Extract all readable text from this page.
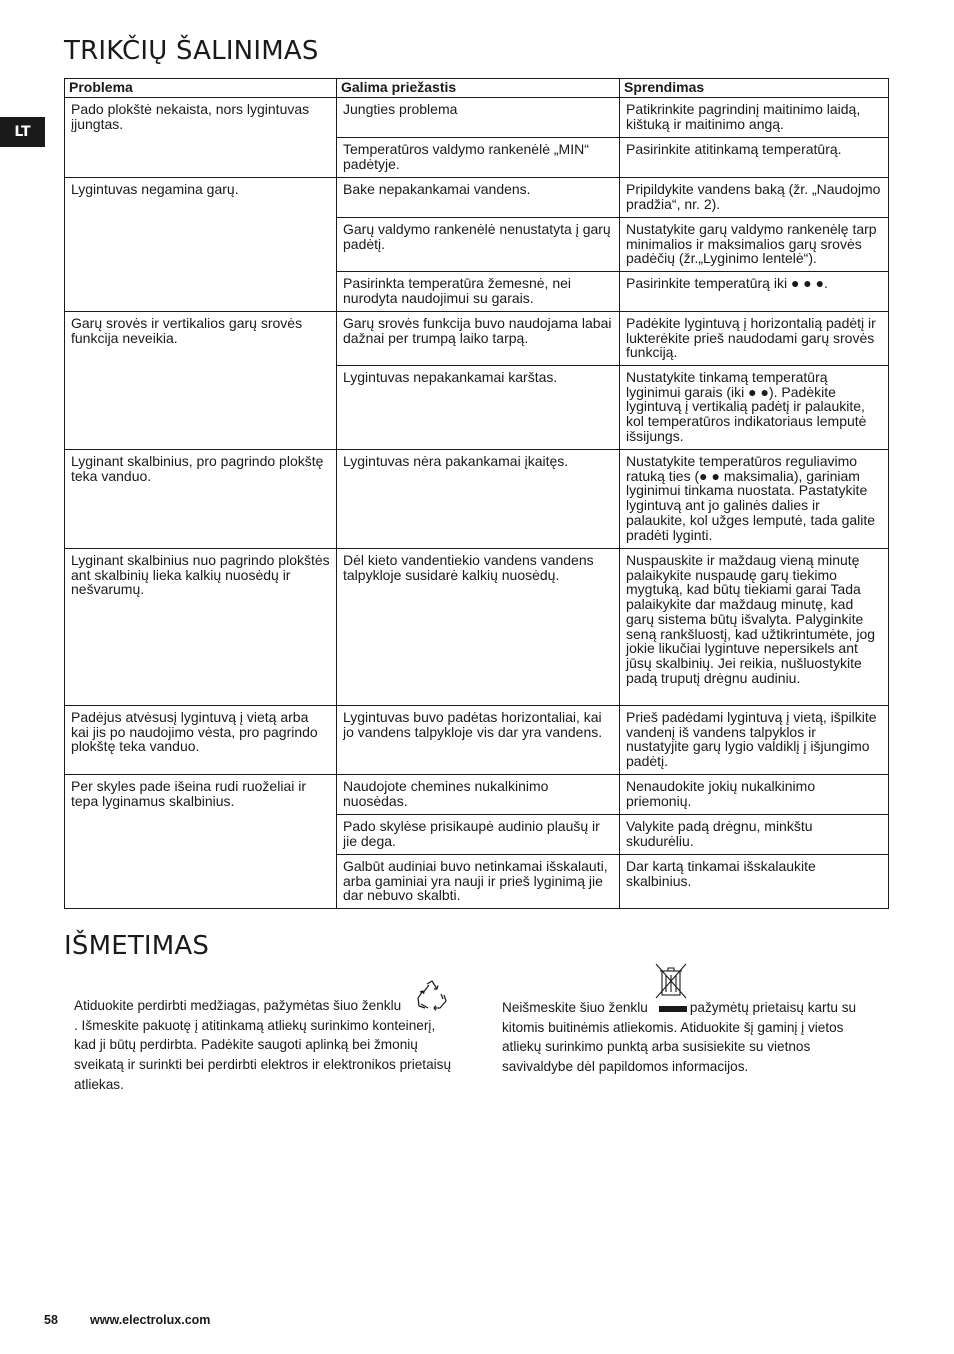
TRIKČIŲ ŠALINIMAS
LT
Problema	Galima priežastis	Sprendimas
Pado plokštė nekaista, nors lygintuvas įjungtas.	Jungties problema	Patikrinkite pagrindinį maitinimo laidą, kištuką ir maitinimo angą.
	Temperatūros valdymo rankenėlė „MIN“ padėtyje.	Pasirinkite atitinkamą temperatūrą.
Lygintuvas negamina garų.	Bake nepakankamai vandens.	Pripildykite vandens baką (žr. „Naudojmo pradžia“, nr. 2).
	Garų valdymo rankenėlė nenustatyta į garų padėtį.	Nustatykite garų valdymo rankenėlę tarp minimalios ir maksimalios garų srovės padėčių (žr.„Lyginimo lentelė“).
	Pasirinkta temperatūra žemesnė, nei nurodyta naudojimui su garais.	Pasirinkite temperatūrą iki ● ● ●.
Garų srovės ir vertikalios garų srovės funkcija neveikia.	Garų srovės funkcija buvo naudojama labai dažnai per trumpą laiko tarpą.	Padėkite lygintuvą į horizontalią padėtį ir lukterėkite prieš naudodami garų srovės funkciją.
	Lygintuvas nepakankamai karštas.	Nustatykite tinkamą temperatūrą lyginimui garais (iki ● ●). Padėkite lygintuvą į vertikalią padėtį ir palaukite, kol temperatūros indikatoriaus lemputė išsijungs.
Lyginant skalbinius, pro pagrindo plokštę teka vanduo.	Lygintuvas nėra pakankamai įkaitęs.	Nustatykite temperatūros reguliavimo ratuką ties (● ● maksimalia), gariniam lyginimui tinkama nuostata. Pastatykite lygintuvą ant jo galinės dalies ir palaukite, kol užges lemputė, tada galite pradėti lyginti.
Lyginant skalbinius nuo pagrindo plokštės ant skalbinių lieka kalkių nuosėdų ir nešvarumų.	Dėl kieto vandentiekio vandens vandens talpykloje susidarė kalkių nuosėdų.	Nuspauskite ir maždaug vieną minutę palaikykite nuspaudę garų tiekimo mygtuką, kad būtų tiekiami garai Tada palaikykite dar maždaug minutę, kad garų sistema būtų išvalyta. Palyginkite seną rankšluostį, kad užtikrintumėte, jog jokie likučiai lygintuve nepersikels ant jūsų skalbinių. Jei reikia, nušluostykite padą truputį drėgnu audiniu.
Padėjus atvėsusį lygintuvą į vietą arba kai jis po naudojimo vėsta, pro pagrindo plokštę teka vanduo.	Lygintuvas buvo padėtas horizontaliai, kai jo vandens talpykloje vis dar yra vandens.	Prieš padėdami lygintuvą į vietą, išpilkite vandenį iš vandens talpyklos ir nustatyjite garų lygio valdiklį į išjungimo padėtį.
Per skyles pade išeina rudi ruoželiai ir tepa lyginamus skalbinius.	Naudojote chemines nukalkinimo nuosėdas.	Nenaudokite jokių nukalkinimo priemonių.
	Pado skylėse prisikaupė audinio plaušų ir jie dega.	Valykite padą drėgnu, minkštu skudurėliu.
	Galbūt audiniai buvo netinkamai išskalauti, arba gaminiai yra nauji ir prieš lyginimą jie dar nebuvo skalbti.	Dar kartą tinkamai išskalaukite skalbinius.
IŠMETIMAS
Atiduokite perdirbti medžiagas, pažymėtas šiuo ženklu
. Išmeskite pakuotę į atitinkamą atliekų surinkimo konteinerį, kad ji būtų perdirbta. Padėkite saugoti aplinką bei žmonių sveikatą ir surinkti bei perdirbti elektros ir elektronikos prietaisų atliekas.
Neišmeskite šiuo ženklu	pažymėtų prietaisų kartu su kitomis buitinėmis atliekomis. Atiduokite šį gaminį į vietos atliekų surinkimo punktą arba susisiekite su vietnos savivaldybe dėl papildomos informacijos.
58	www.electrolux.com
